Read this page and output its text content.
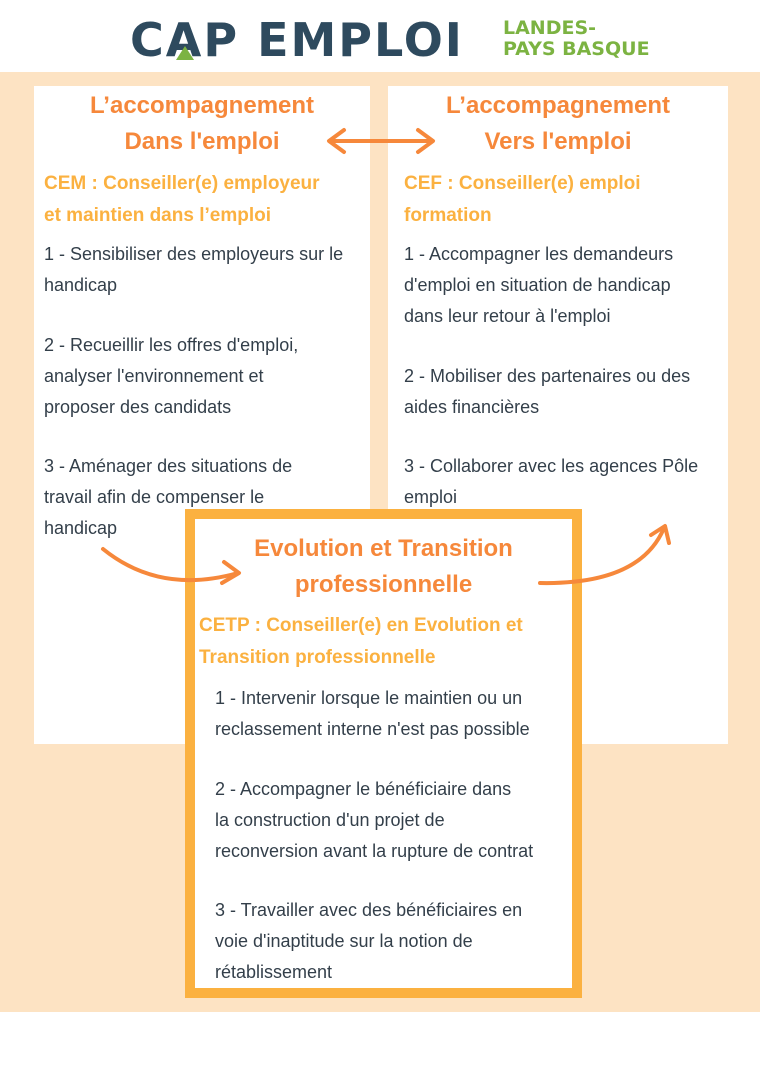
CA
P EMPLOI LANDES-
PAYS BASQUE
L’accompagnement
Dans l'emploi
CEM : Conseiller(e) employeur
et maintien dans l’emploi
1 - Sensibiliser des employeurs sur le
handicap
2 - Recueillir les offres d'emploi,
analyser l'environnement et
proposer des candidats
3 - Aménager des situations de
travail afin de compenser le
handicap
L’accompagnement
Vers l'emploi
CEF : Conseiller(e) emploi
formation
1 - Accompagner les demandeurs
d'emploi en situation de handicap
dans leur retour à l'emploi
2 - Mobiliser des partenaires ou des
aides financières
3 - Collaborer avec les agences Pôle
emploi
Evolution et Transition
professionnelle
CETP : Conseiller(e) en Evolution et
Transition professionnelle
1 - Intervenir lorsque le maintien ou un
reclassement interne n'est pas possible
2 - Accompagner le bénéficiaire dans
la construction d'un projet de
reconversion avant la rupture de contrat
3 - Travailler avec des bénéficiaires en
voie d'inaptitude sur la notion de
rétablissement
